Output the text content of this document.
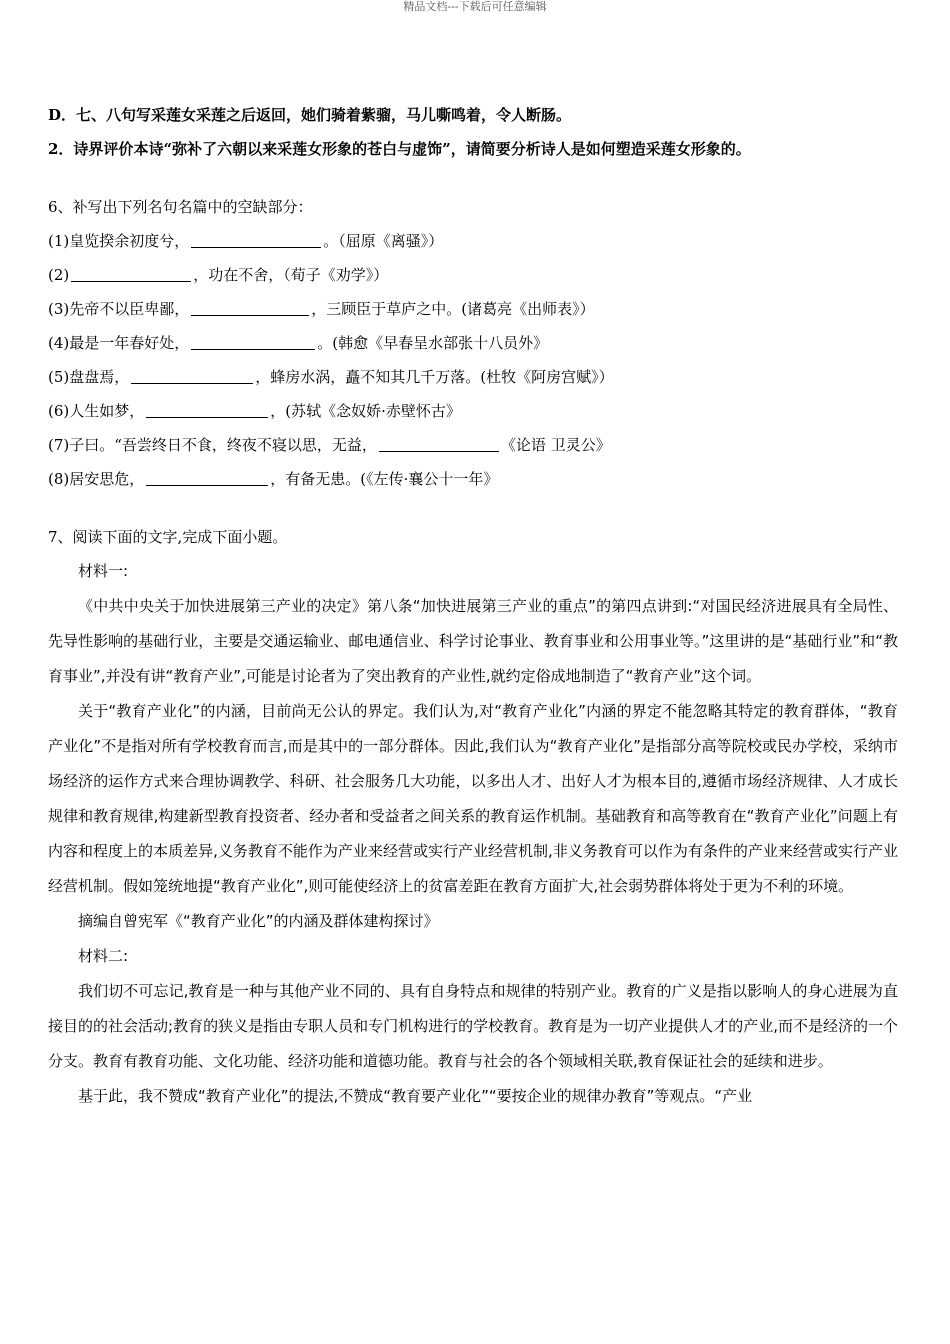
精品文档---下载后可任意编辑
D．七、八句写采莲女采莲之后返回，她们骑着紫骝，马儿嘶鸣着，令人断肠。
2．诗界评价本诗“弥补了六朝以来采莲女形象的苍白与虚饰”，请简要分析诗人是如何塑造采莲女形象的。
6、补写出下列名句名篇中的空缺部分：
(1)皇览揆余初度兮，	。（屈原《离骚》）
(2)	，功在不舍，（荀子《劝学》）
(3)先帝不以臣卑鄙，	，三顾臣于草庐之中。(诸葛亮《出师表》）
(4)最是一年春好处，	。(韩愈《早春呈水部张十八员外》
(5)盘盘焉，	，蜂房水涡，矗不知其几千万落。(杜牧《阿房宫赋》）
(6)人生如梦，	，(苏轼《念奴娇·赤壁怀古》
(7)子曰。“吾尝终日不食，终夜不寝以思，无益，	《论语 卫灵公》
(8)居安思危，	，有备无患。(《左传·襄公十一年》
7、阅读下面的文字,完成下面小题。
材料一:
《中共中央关于加快进展第三产业的决定》第八条“加快进展第三产业的重点”的第四点讲到:“对国民经济进展具有全局性、先导性影响的基础行业，主要是交通运输业、邮电通信业、科学讨论事业、教育事业和公用事业等。”这里讲的是“基础行业”和“教育事业”,并没有讲“教育产业”,可能是讨论者为了突出教育的产业性,就约定俗成地制造了“教育产业”这个词。
关于“教育产业化”的内涵，目前尚无公认的界定。我们认为,对“教育产业化”内涵的界定不能忽略其特定的教育群体，“教育产业化”不是指对所有学校教育而言,而是其中的一部分群体。因此,我们认为“教育产业化”是指部分高等院校或民办学校，采纳市场经济的运作方式来合理协调教学、科研、社会服务几大功能，以多出人才、出好人才为根本目的,遵循市场经济规律、人才成长规律和教育规律,构建新型教育投资者、经办者和受益者之间关系的教育运作机制。基础教育和高等教育在“教育产业化”问题上有内容和程度上的本质差异,义务教育不能作为产业来经营或实行产业经营机制,非义务教育可以作为有条件的产业来经营或实行产业经营机制。假如笼统地提“教育产业化”,则可能使经济上的贫富差距在教育方面扩大,社会弱势群体将处于更为不利的环境。
摘编自曾宪军《“教育产业化”的内涵及群体建构探讨》
材料二:
我们切不可忘记,教育是一种与其他产业不同的、具有自身特点和规律的特别产业。教育的广义是指以影响人的身心进展为直接目的的社会活动;教育的狭义是指由专职人员和专门机构进行的学校教育。教育是为一切产业提供人才的产业,而不是经济的一个分支。教育有教育功能、文化功能、经济功能和道德功能。教育与社会的各个领域相关联,教育保证社会的延续和进步。
基于此，我不赞成“教育产业化”的提法,不赞成“教育要产业化”“要按企业的规律办教育”等观点。“产业
